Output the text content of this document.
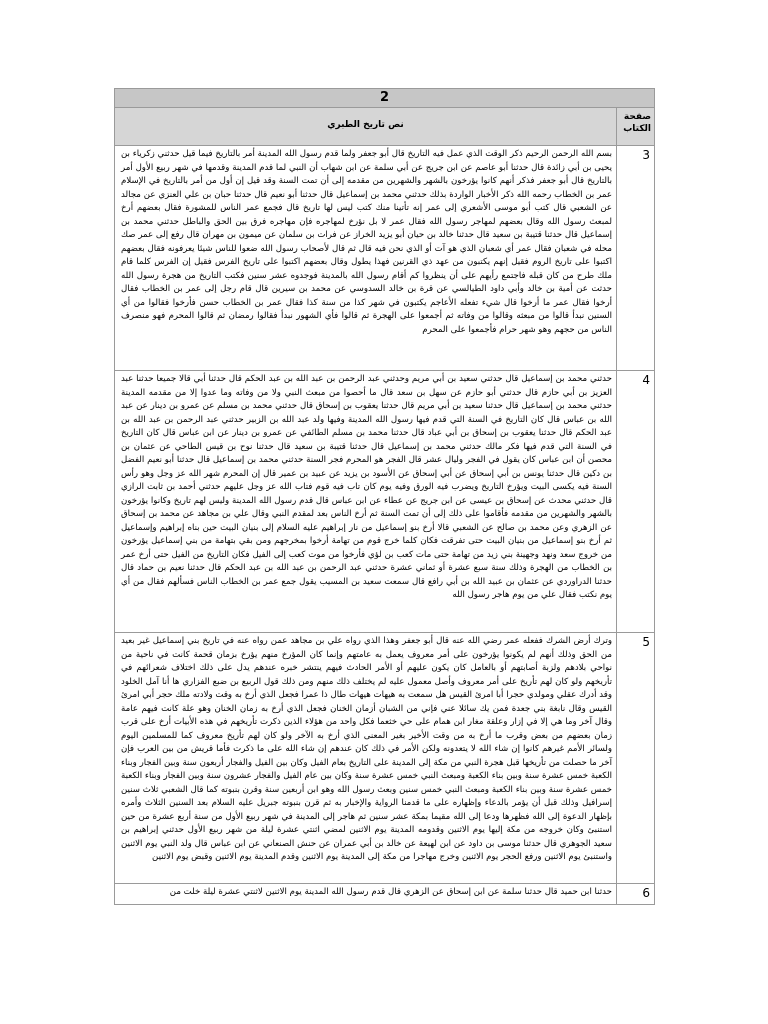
2	
نص تاريخ الطبري	صفحة الكتاب
بسم الله الرحمن الرحيم ذكر الوقت الذي عمل فيه التاريخ قال أبو جعفر ولما قدم رسول الله المدينة أمر بالتاريخ فيما قيل حدثني زكرياء بن يحيى بن أبي زائدة قال حدثنا أبو عاصم عن ابن جريج عن أبي سلمة عن ابن شهاب أن النبي لما قدم المدينة وقدمها في شهر ربيع الأول أمر بالتاريخ قال أبو جعفر فذكر أنهم كانوا يؤرخون بالشهر والشهرين من مقدمه إلى أن تمت السنة وقد قيل إن أول من أمر بالتاريخ في الإسلام عمر بن الخطاب رحمه الله ذكر الأخبار الواردة بذلك حدثني محمد بن إسماعيل قال حدثنا أبو نعيم قال حدثنا حبان بن علي العنزي عن مجالد عن الشعبي قال كتب أبو موسى الأشعري إلى عمر إنه تأتينا منك كتب ليس لها تاريخ قال فجمع عمر الناس للمشورة فقال بعضهم أرخ لمبعث رسول الله وقال بعضهم لمهاجر رسول الله فقال عمر لا بل نؤرخ لمهاجره فإن مهاجره فرق بين الحق والباطل حدثني محمد بن إسماعيل قال حدثنا قتيبة بن سعيد قال حدثنا خالد بن حيان أبو يزيد الخراز عن فرات بن سلمان عن ميمون بن مهران قال رفع إلى عمر صك محله في شعبان فقال عمر أي شعبان الذي هو آت أو الذي نحن فيه قال ثم قال لأصحاب رسول الله ضعوا للناس شيئا يعرفونه فقال بعضهم اكتبوا على تاريخ الروم فقيل إنهم يكتبون من عهد ذي القرنين فهذا يطول وقال بعضهم اكتبوا على تاريخ الفرس فقيل إن الفرس كلما قام ملك طرح من كان قبله فاجتمع رأيهم على أن ينظروا كم أقام رسول الله بالمدينة فوجدوه عشر سنين فكتب التاريخ من هجرة رسول الله حدثت عن أمية بن خالد وأبي داود الطيالسي عن قرة بن خالد السدوسي عن محمد بن سيرين قال قام رجل إلى عمر بن الخطاب فقال أرخوا فقال عمر ما أرخوا قال شيء تفعله الأعاجم يكتبون في شهر كذا من سنة كذا فقال عمر بن الخطاب حسن فأرخوا فقالوا من أي السنين نبدأ قالوا من مبعثه وقالوا من وفاته ثم أجمعوا على الهجرة ثم قالوا فأي الشهور نبدأ فقالوا رمضان ثم قالوا المحرم فهو منصرف الناس من حجهم وهو شهر حرام فأجمعوا على المحرم	3
حدثني محمد بن إسماعيل قال حدثني سعيد بن أبي مريم وحدثني عبد الرحمن بن عبد الله بن عبد الحكم قال حدثنا أبي قالا جميعا حدثنا عبد العزيز بن أبي حازم قال حدثني أبو حازم عن سهل بن سعد قال ما أحصوا من مبعث النبي ولا من وفاته وما عدوا إلا من مقدمه المدينة حدثني محمد بن إسماعيل قال حدثنا سعيد بن أبي مريم قال حدثنا يعقوب بن إسحاق قال حدثني محمد بن مسلم عن عمرو بن دينار عن عبد الله بن عباس قال كان التاريخ في السنة التي قدم فيها رسول الله المدينة وفيها ولد عبد الله بن الزبير حدثني عبد الرحمن بن عبد الله بن عبد الحكم قال حدثنا يعقوب بن إسحاق بن أبي عباد قال حدثنا محمد بن مسلم الطائفي عن عمرو بن دينار عن ابن عباس قال كان التاريخ في السنة التي قدم فيها فكر مالك حدثني محمد بن إسماعيل قال حدثنا قتيبة بن سعيد قال حدثنا نوح بن قيس الطاحي عن عثمان بن محصن أن ابن عباس كان يقول في الفجر وليال عشر قال الفجر هو المحرم فجر السنة حدثني محمد بن إسماعيل قال حدثنا أبو نعيم الفضل بن دكين قال حدثنا يونس بن أبي إسحاق عن أبي إسحاق عن الأسود بن يزيد عن عبيد بن عمير قال إن المحرم شهر الله عز وجل وهو رأس السنة فيه يكسى البيت ويؤرخ التاريخ ويضرب فيه الورق وفيه يوم كان تاب فيه قوم فتاب الله عز وجل عليهم حدثني أحمد بن ثابت الرازي قال حدثني محدث عن إسحاق بن عيسى عن ابن جريج عن عطاء عن ابن عباس قال قدم رسول الله المدينة وليس لهم تاريخ وكانوا يؤرخون بالشهر والشهرين من مقدمه فأقاموا على ذلك إلى أن تمت السنة ثم أرخ الناس بعد لمقدم النبي وقال علي بن مجاهد عن محمد بن إسحاق عن الزهري وعن محمد بن صالح عن الشعبي قالا أرخ بنو إسماعيل من نار إبراهيم عليه السلام إلى بنيان البيت حين بناه إبراهيم وإسماعيل ثم أرخ بنو إسماعيل من بنيان البيت حتى تفرقت فكان كلما خرج قوم من تهامة أرخوا بمخرجهم ومن بقي بتهامة من بني إسماعيل يؤرخون من خروج سعد ونهد وجهينة بني زيد من تهامة حتى مات كعب بن لؤي فأرخوا من موت كعب إلى الفيل فكان التاريخ من الفيل حتى أرخ عمر بن الخطاب من الهجرة وذلك سنة سبع عشرة أو ثماني عشرة حدثني عبد الرحمن بن عبد الله بن عبد الحكم قال حدثنا نعيم بن حماد قال حدثنا الدراوردي عن عثمان بن عبيد الله بن أبي رافع قال سمعت سعيد بن المسيب يقول جمع عمر بن الخطاب الناس فسألهم فقال من أي يوم نكتب فقال علي من يوم هاجر رسول الله	4
وترك أرض الشرك ففعله عمر رضي الله عنه قال أبو جعفر وهذا الذي رواه علي بن مجاهد عمن رواه عنه في تاريخ بني إسماعيل غير بعيد من الحق وذلك أنهم لم يكونوا يؤرخون على أمر معروف يعمل به عامتهم وإنما كان المؤرخ منهم يؤرخ بزمان قحمة كانت في ناحية من نواحي بلادهم ولزبة أصابتهم أو بالعامل كان يكون عليهم أو الأمر الحادث فيهم ينتشر خبره عندهم يدل على ذلك اختلاف شعرائهم في تأريخهم ولو كان لهم تأريخ على أمر معروف وأصل معمول عليه لم يختلف ذلك منهم ومن ذلك قول الربيع بن ضبع الفزاري ها أنا آمل الخلود وقد أدرك عقلي ومولدي حجرا أبا امرئ القيس هل سمعت به هيهات هيهات طال ذا عمرا فجعل الذي أرخ به وقت ولادته ملك حجر أبي امرئ القيس وقال نابغة بني جعدة فمن يك سائلا عني فإني من الشبان أزمان الخنان فجعل الذي أرخ به زمان الخنان وهو علة كانت فيهم عامة وقال آخر وما هي إلا في إزار وعلقة مغار ابن همام على حي خثعما فكل واحد من هؤلاء الذين ذكرت تأريخهم في هذه الأبيات أرخ على قرب زمان بعضهم من بعض وقرب ما أرخ به من وقت الأخير بغير المعنى الذي أرخ به الآخر ولو كان لهم تأريخ معروف كما للمسلمين اليوم ولسائر الأمم غيرهم كانوا إن شاء الله لا يتعدونه ولكن الأمر في ذلك كان عندهم إن شاء الله على ما ذكرت فأما قريش من بين العرب فإن آخر ما حصلت من تأريخها قبل هجرة النبي من مكة إلى المدينة على التاريخ بعام الفيل وكان بين الفيل والفجار أربعون سنة وبين الفجار وبناء الكعبة خمس عشرة سنة وبين بناء الكعبة ومبعث النبي خمس عشرة سنة وكان بين عام الفيل والفجار عشرون سنة وبين الفجار وبناء الكعبة خمس عشرة سنة وبين بناء الكعبة ومبعث النبي خمس سنين وبعث رسول الله وهو ابن أربعين سنة وقرن بنبوته كما قال الشعبي ثلاث سنين إسرافيل وذلك قبل أن يؤمر بالدعاء وإظهاره على ما قدمنا الرواية والإخبار به ثم قرن بنبوته جبريل عليه السلام بعد السنين الثلاث وأمره بإظهار الدعوة إلى الله فظهرها ودعا إلى الله مقيما بمكة عشر سنين ثم هاجر إلى المدينة في شهر ربيع الأول من سنة أربع عشرة من حين استنبئ وكان خروجه من مكة إليها يوم الاثنين وقدومه المدينة يوم الاثنين لمضي اثنتي عشرة ليلة من شهر ربيع الأول حدثني إبراهيم بن سعيد الجوهري قال حدثنا موسى بن داود عن ابن لهيعة عن خالد بن أبي عمران عن حنش الصنعاني عن ابن عباس قال ولد النبي يوم الاثنين واستنبئ يوم الاثنين ورفع الحجر يوم الاثنين وخرج مهاجرا من مكة إلى المدينة يوم الاثنين وقدم المدينة يوم الاثنين وقبض يوم الاثنين	5
حدثنا ابن حميد قال حدثنا سلمة عن ابن إسحاق عن الزهري قال قدم رسول الله المدينة يوم الاثنين لاثنتي عشرة ليلة خلت من	6
